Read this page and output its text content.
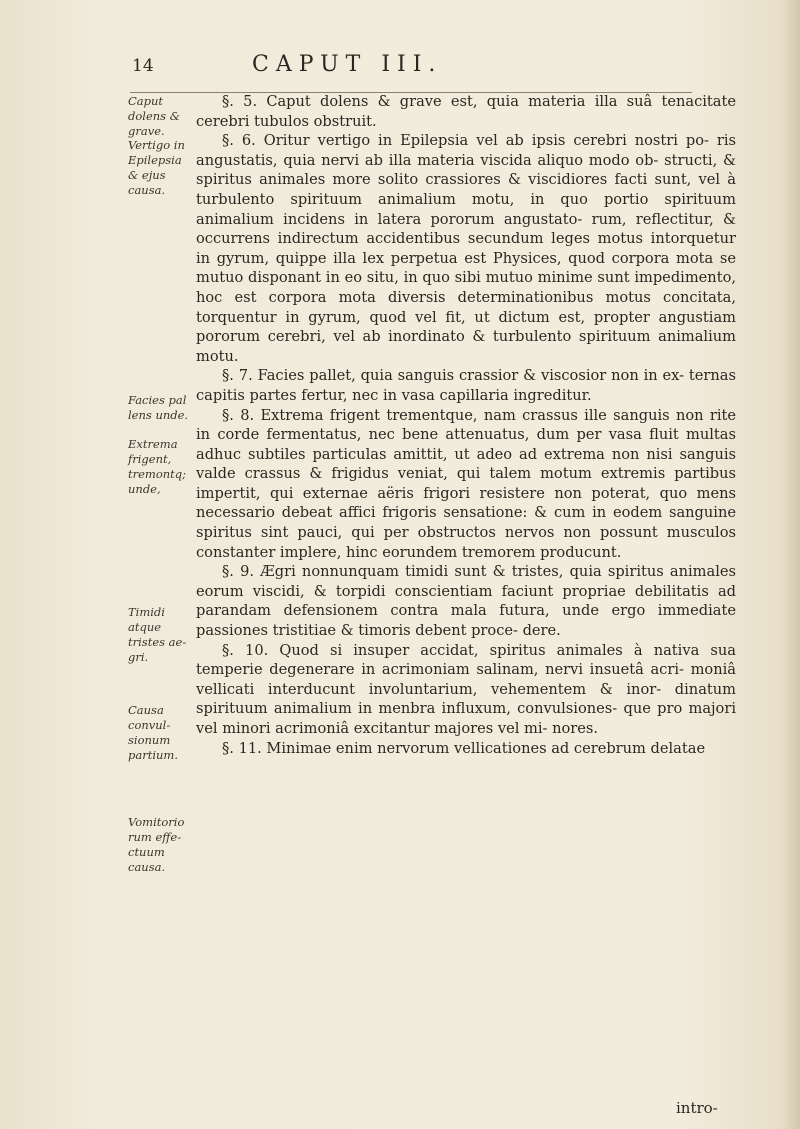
14	CAPUT III.
Caput dolens & grave.
Vertigo in Epilepsia & ejus causa.
Facies pal lens unde.
Extrema frigent, tremontq; unde,
Timidi atque tristes ae- gri.
Causa convul- sionum partium.
Vomitorio rum effe- ctuum causa.

§. 5. Caput dolens & grave est, quia materia illa suâ tenacitate cerebri tubulos obstruit.

§. 6. Oritur vertigo in Epilepsia vel ab ipsis cerebri nostri po- ris angustatis, quia nervi ab illa materia viscida aliquo modo ob- structi, & spiritus animales more solito crassiores & viscidiores facti sunt, vel à turbulento spirituum animalium motu, in quo portio spirituum animalium incidens in latera pororum angustato- rum, reflectitur, & occurrens indirectum accidentibus secundum leges motus intorquetur in gyrum, quippe illa lex perpetua est Physices, quod corpora mota se mutuo disponant in eo situ, in quo sibi mutuo minime sunt impedimento, hoc est corpora mota diversis determinationibus motus concitata, torquentur in gyrum, quod vel fit, ut dictum est, propter angustiam pororum cerebri, vel ab inordinato & turbulento spirituum animalium motu.

§. 7. Facies pallet, quia sanguis crassior & viscosior non in ex- ternas capitis partes fertur, nec in vasa capillaria ingreditur.

§. 8. Extrema frigent trementque, nam crassus ille sanguis non rite in corde fermentatus, nec bene attenuatus, dum per vasa fluit multas adhuc subtiles particulas amittit, ut adeo ad extrema non nisi sanguis valde crassus & frigidus veniat, qui talem motum extremis partibus impertit, qui externae aëris frigori resistere non poterat, quo mens necessario debeat affici frigoris sensatione: & cum in eodem sanguine spiritus sint pauci, qui per obstructos nervos non possunt musculos constanter implere, hinc eorundem tremorem producunt.

§. 9. Ægri nonnunquam timidi sunt & tristes, quia spiritus animales eorum viscidi, & torpidi conscientiam faciunt propriae debilitatis ad parandam defensionem contra mala futura, unde ergo immediate passiones tristitiae & timoris debent proce- dere.

§. 10. Quod si insuper accidat, spiritus animales à nativa sua temperie degenerare in acrimoniam salinam, nervi insuetâ acri- moniâ vellicati interducunt involuntarium, vehementem & inor- dinatum spirituum animalium in menbra influxum, convulsiones- que pro majori vel minori acrimoniâ excitantur majores vel mi- nores.

§. 11. Minimae enim nervorum vellicationes ad cerebrum delatae

intro-
